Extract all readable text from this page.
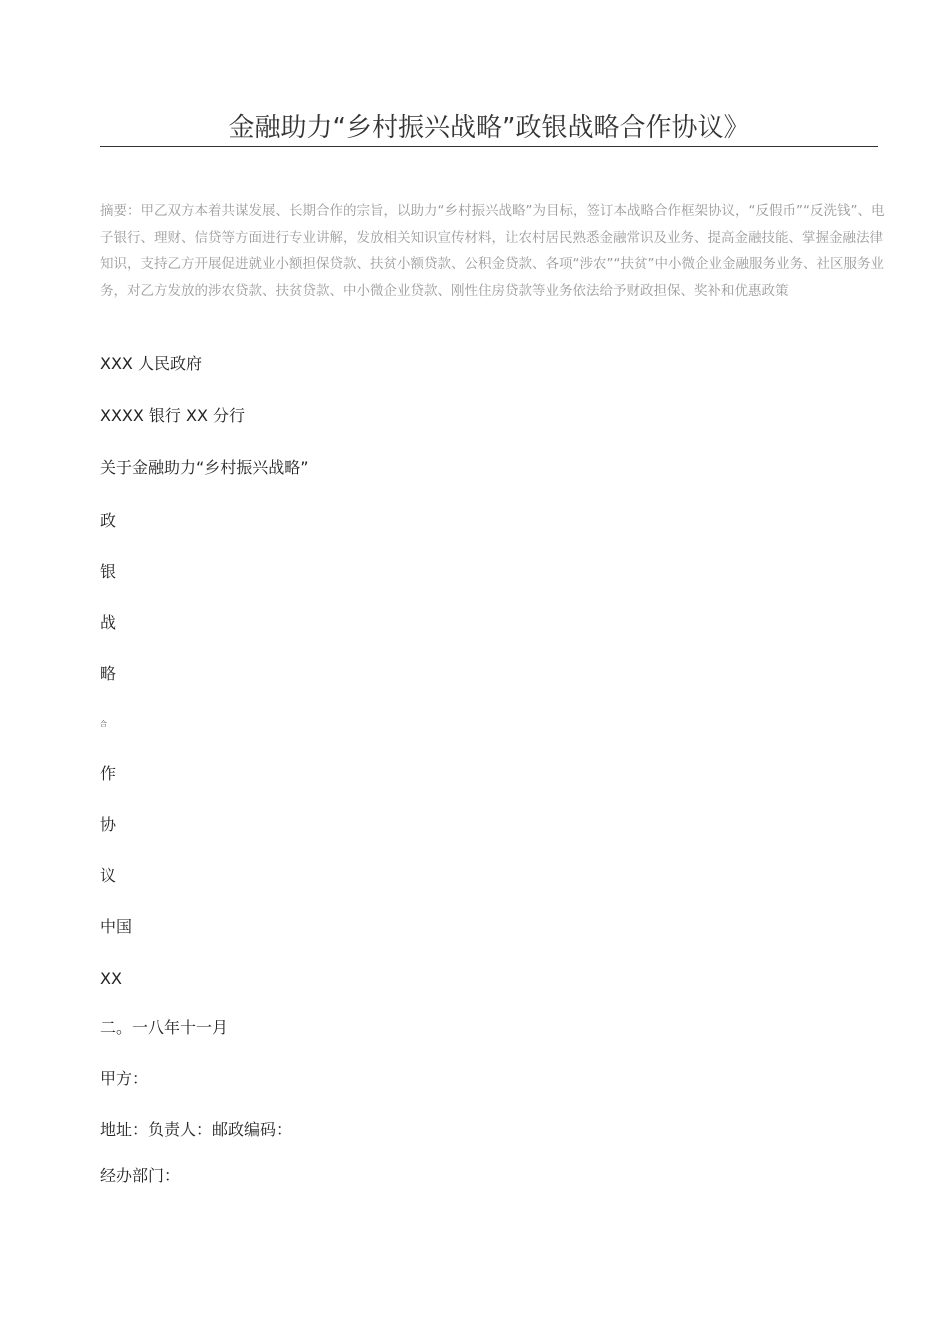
金融助力“乡村振兴战略”政银战略合作协议》
摘要：甲乙双方本着共谋发展、长期合作的宗旨，以助力“乡村振兴战略”为目标，签订本战略合作框架协议，“反假币”“反洗钱”、电子银行、理财、信贷等方面进行专业讲解，发放相关知识宣传材料，让农村居民熟悉金融常识及业务、提高金融技能、掌握金融法律知识，支持乙方开展促进就业小额担保贷款、扶贫小额贷款、公积金贷款、各项“涉农”“扶贫”中小微企业金融服务业务、社区服务业务，对乙方发放的涉农贷款、扶贫贷款、中小微企业贷款、刚性住房贷款等业务依法给予财政担保、奖补和优惠政策
XXX 人民政府
XXXX 银行 XX 分行
关于金融助力“乡村振兴战略”
政
银
战
略
合
作
协
议
中国
XX
二。一八年十一月
甲方：
地址：负责人：邮政编码：
经办部门：
